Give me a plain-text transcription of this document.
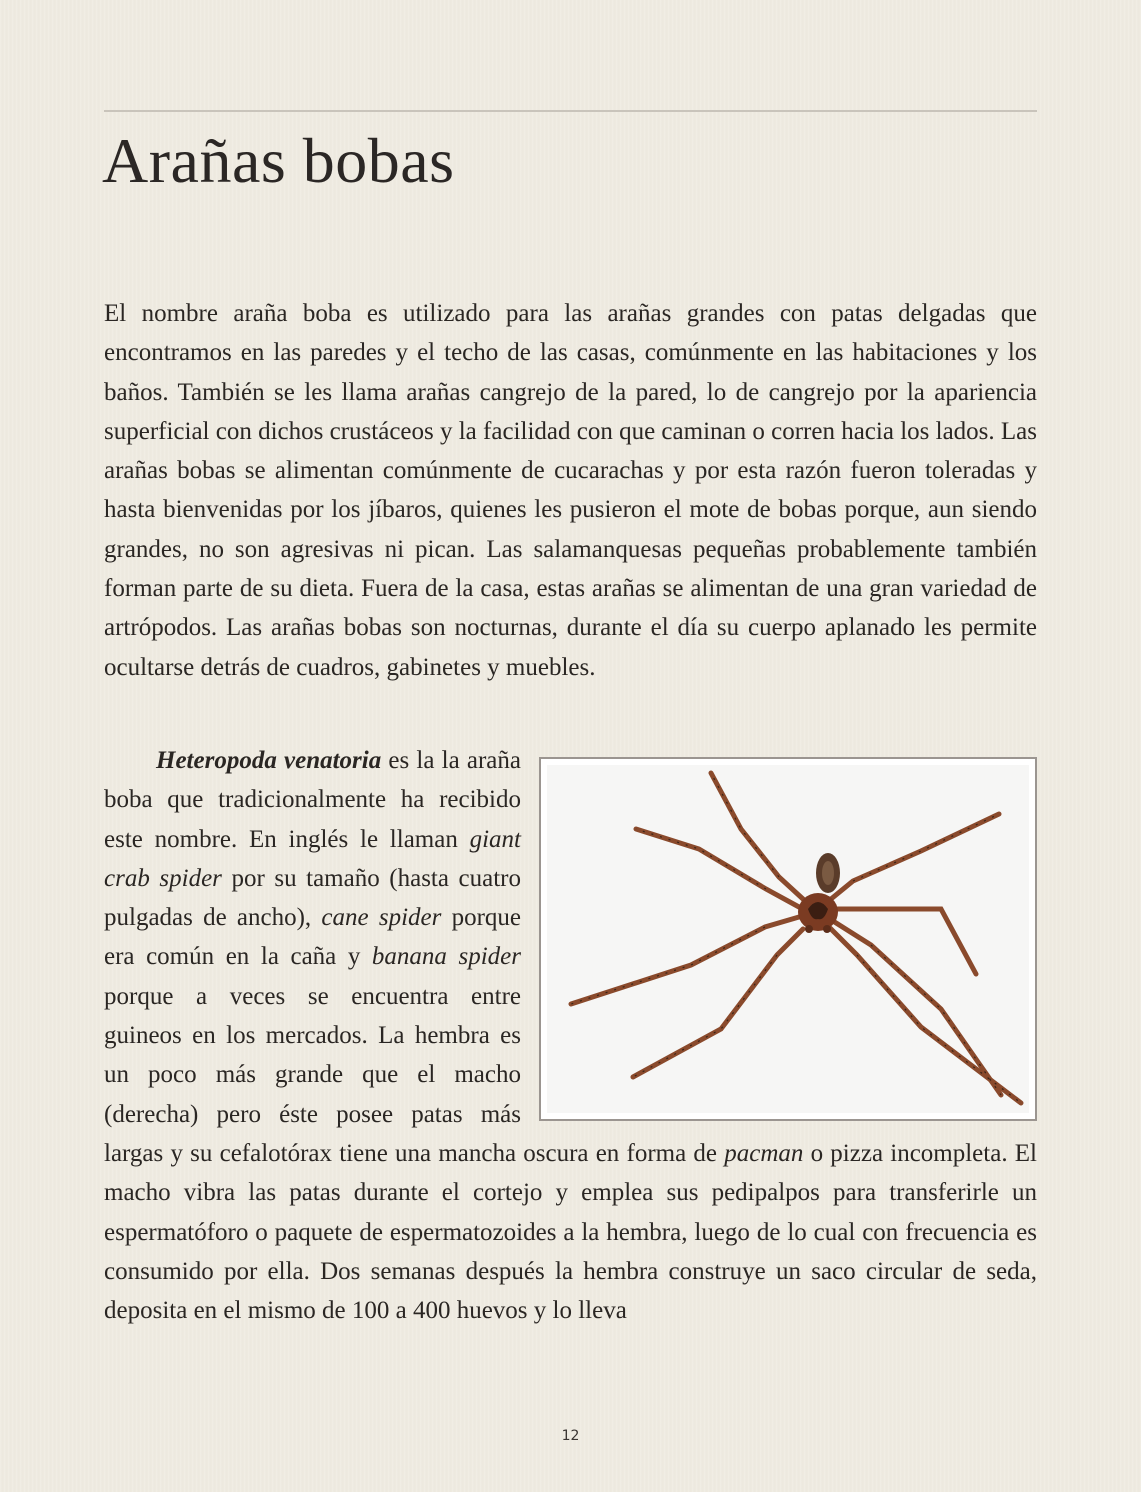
Arañas bobas

El nombre araña boba es utilizado para las arañas grandes con patas delgadas que encontramos en las paredes y el techo de las casas, comúnmente en las habitaciones y los baños. También se les llama arañas cangrejo de la pared, lo de cangrejo por la apariencia superficial con dichos crustáceos y la facilidad con que caminan o corren hacia los lados. Las arañas bobas se alimentan comúnmente de cucarachas y por esta razón fueron toleradas y hasta bienvenidas por los jíbaros, quienes les pusieron el mote de bobas porque, aun siendo grandes, no son agresivas ni pican. Las salamanquesas pequeñas probablemente también forman parte de su dieta. Fuera de la casa, estas arañas se alimentan de una gran variedad de artrópodos. Las arañas bobas son nocturnas, durante el día su cuerpo aplanado les permite ocultarse detrás de cuadros, gabinetes y muebles.

Heteropoda venatoria es la la araña boba que tradicionalmente ha recibido este nombre. En inglés le llaman giant crab spider por su tamaño (hasta cuatro pulgadas de ancho), cane spider porque era común en la caña y banana spider porque a veces se encuentra entre guineos en los mercados. La hembra es un poco más grande que el macho (derecha) pero éste posee patas más largas y su cefalotórax tiene una mancha oscura en forma de pacman o pizza incompleta. El macho vibra las patas durante el cortejo y emplea sus pedipalpos para transferirle un espermatóforo o paquete de espermatozoides a la hembra, luego de lo cual con frecuencia es consumido por ella. Dos semanas después la hembra construye un saco circular de seda, deposita en el mismo de 100 a 400 huevos y lo lleva
12
